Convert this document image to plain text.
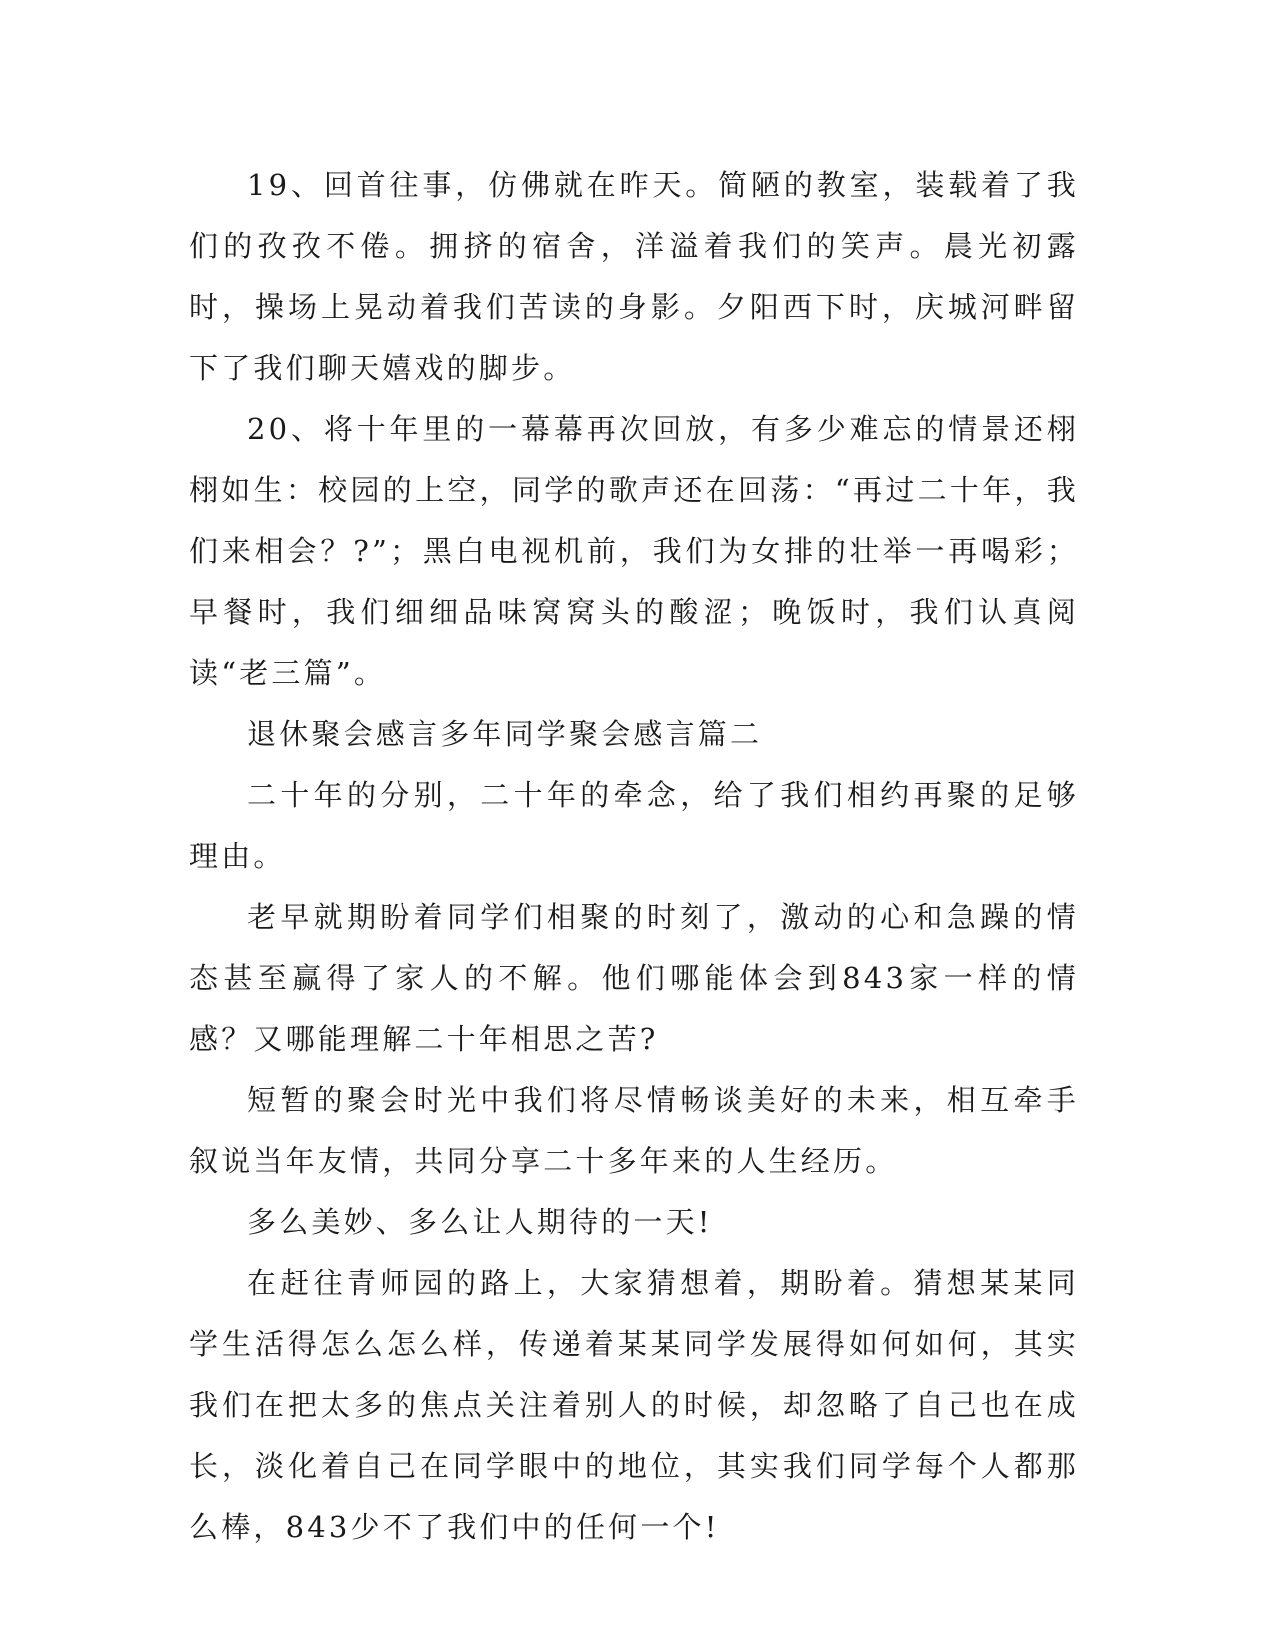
19、回首往事，仿佛就在昨天。简陋的教室，装载着了我们的孜孜不倦。拥挤的宿舍，洋溢着我们的笑声。晨光初露时，操场上晃动着我们苦读的身影。夕阳西下时，庆城河畔留下了我们聊天嬉戏的脚步。

20、将十年里的一幕幕再次回放，有多少难忘的情景还栩栩如生：校园的上空，同学的歌声还在回荡：“再过二十年，我们来相会？?”；黑白电视机前，我们为女排的壮举一再喝彩；早餐时，我们细细品味窝窝头的酸涩；晚饭时，我们认真阅读“老三篇”。

退休聚会感言多年同学聚会感言篇二

二十年的分别，二十年的牵念，给了我们相约再聚的足够理由。

老早就期盼着同学们相聚的时刻了，激动的心和急躁的情态甚至赢得了家人的不解。他们哪能体会到843家一样的情感？又哪能理解二十年相思之苦?

短暂的聚会时光中我们将尽情畅谈美好的未来，相互牵手叙说当年友情，共同分享二十多年来的人生经历。

多么美妙、多么让人期待的一天!

在赶往青师园的路上，大家猜想着，期盼着。猜想某某同学生活得怎么怎么样，传递着某某同学发展得如何如何，其实我们在把太多的焦点关注着别人的时候，却忽略了自己也在成长，淡化着自己在同学眼中的地位，其实我们同学每个人都那么棒，843少不了我们中的任何一个!
